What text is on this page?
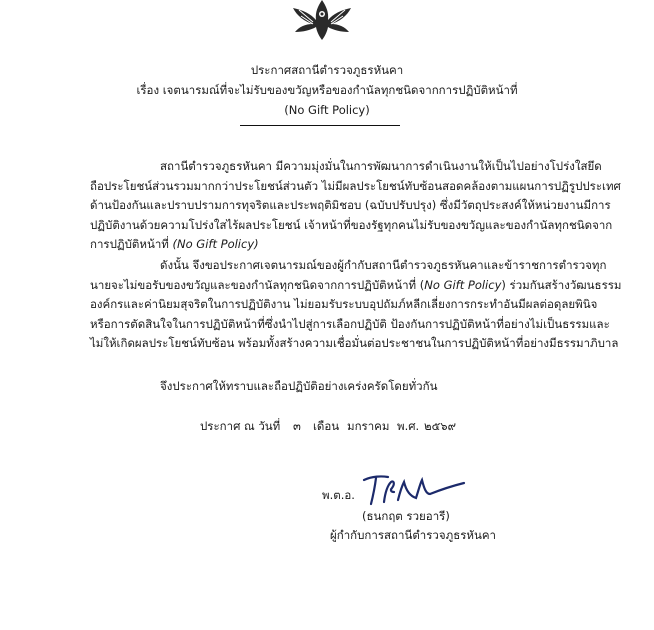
ประกาศสถานีตำรวจภูธรหันคา
เรื่อง เจตนารมณ์ที่จะไม่รับของขวัญหรือของกำนัลทุกชนิดจากการปฏิบัติหน้าที่
(No Gift Policy)
สถานีตำรวจภูธรหันคา มีความมุ่งมั่นในการพัฒนาการดำเนินงานให้เป็นไปอย่างโปร่งใสยึด
ถือประโยชน์ส่วนรวมมากกว่าประโยชน์ส่วนตัว ไม่มีผลประโยชน์ทับซ้อนสอดคล้องตามแผนการปฏิรูปประเทศ
ด้านป้องกันและปราบปรามการทุจริตและประพฤติมิชอบ (ฉบับปรับปรุง) ซึ่งมีวัตถุประสงค์ให้หน่วยงานมีการ
ปฏิบัติงานด้วยความโปร่งใสไร้ผลประโยชน์ เจ้าหน้าที่ของรัฐทุกคนไม่รับของขวัญและของกำนัลทุกชนิดจาก
การปฏิบัติหน้าที่ (No Gift Policy)
ดังนั้น จึงขอประกาศเจตนารมณ์ของผู้กำกับสถานีตำรวจภูธรหันคาและข้าราชการตำรวจทุก
นายจะไม่ขอรับของขวัญและของกำนัลทุกชนิดจากการปฏิบัติหน้าที่ (No Gift Policy) ร่วมกันสร้างวัฒนธรรม
องค์กรและค่านิยมสุจริตในการปฏิบัติงาน ไม่ยอมรับระบบอุปถัมภ์หลีกเลี่ยงการกระทำอันมีผลต่อดุลยพินิจ
หรือการตัดสินใจในการปฏิบัติหน้าที่ซึ่งนำไปสู่การเลือกปฏิบัติ ป้องกันการปฏิบัติหน้าที่อย่างไม่เป็นธรรมและ
ไม่ให้เกิดผลประโยชน์ทับซ้อน พร้อมทั้งสร้างความเชื่อมั่นต่อประชาชนในการปฏิบัติหน้าที่อย่างมีธรรมาภิบาล
จึงประกาศให้ทราบและถือปฏิบัติอย่างเคร่งครัดโดยทั่วกัน
ประกาศ ณ วันที่ ๓ เดือน มกราคม พ.ศ. ๒๕๖๙
พ.ต.อ.
(ธนกฤต รวยอารี)
ผู้กำกับการสถานีตำรวจภูธรหันคา
